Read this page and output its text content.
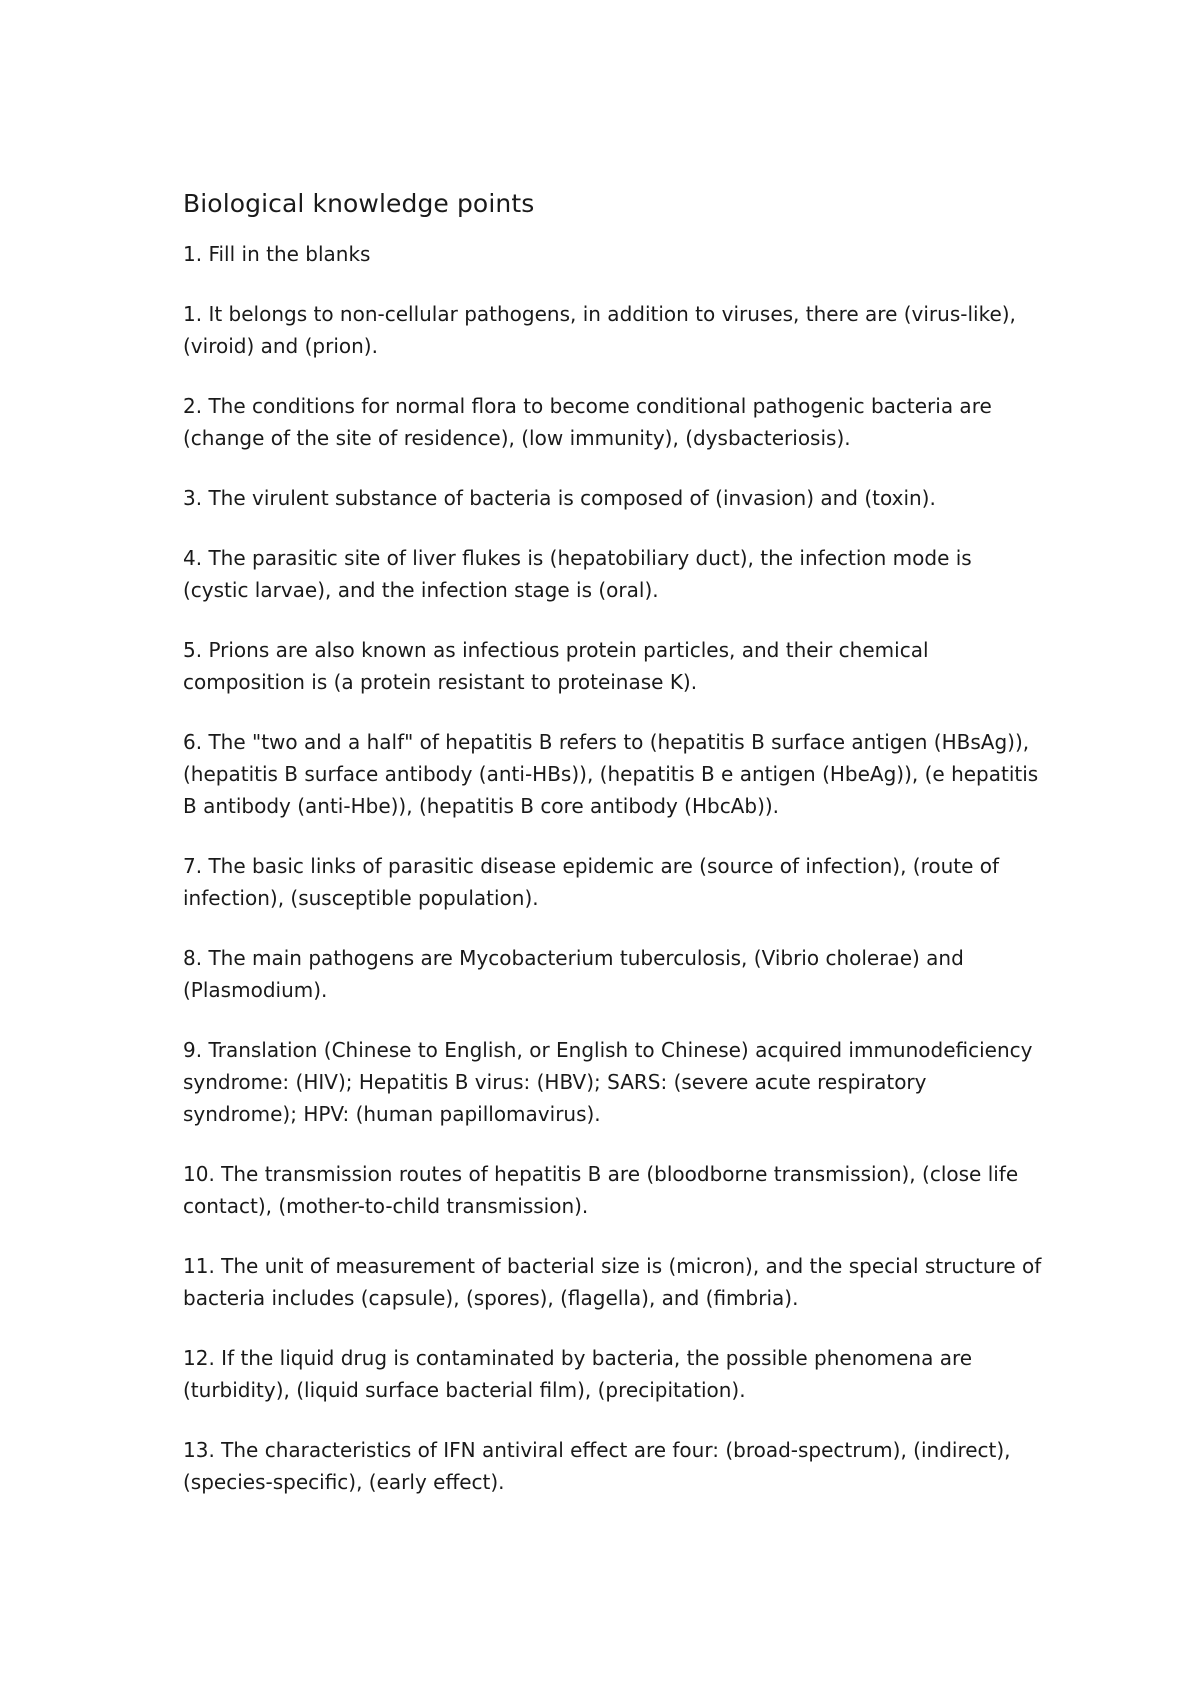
Biological knowledge points

1. Fill in the blanks

1. It belongs to non-cellular pathogens, in addition to viruses, there are (virus-like), (viroid) and (prion).

2. The conditions for normal flora to become conditional pathogenic bacteria are (change of the site of residence), (low immunity), (dysbacteriosis).

3. The virulent substance of bacteria is composed of (invasion) and (toxin).

4. The parasitic site of liver flukes is (hepatobiliary duct), the infection mode is (cystic larvae), and the infection stage is (oral).

5. Prions are also known as infectious protein particles, and their chemical composition is (a protein resistant to proteinase K).

6. The "two and a half" of hepatitis B refers to (hepatitis B surface antigen (HBsAg)), (hepatitis B surface antibody (anti-HBs)), (hepatitis B e antigen (HbeAg)), (e hepatitis B antibody (anti-Hbe)), (hepatitis B core antibody (HbcAb)).

7. The basic links of parasitic disease epidemic are (source of infection), (route of infection), (susceptible population).

8. The main pathogens are Mycobacterium tuberculosis, (Vibrio cholerae) and (Plasmodium).

9. Translation (Chinese to English, or English to Chinese) acquired immunodeficiency syndrome: (HIV); Hepatitis B virus: (HBV); SARS: (severe acute respiratory syndrome); HPV: (human papillomavirus).

10. The transmission routes of hepatitis B are (bloodborne transmission), (close life contact), (mother-to-child transmission).

11. The unit of measurement of bacterial size is (micron), and the special structure of bacteria includes (capsule), (spores), (flagella), and (fimbria).

12. If the liquid drug is contaminated by bacteria, the possible phenomena are (turbidity), (liquid surface bacterial film), (precipitation).

13. The characteristics of IFN antiviral effect are four: (broad-spectrum), (indirect), (species-specific), (early effect).
